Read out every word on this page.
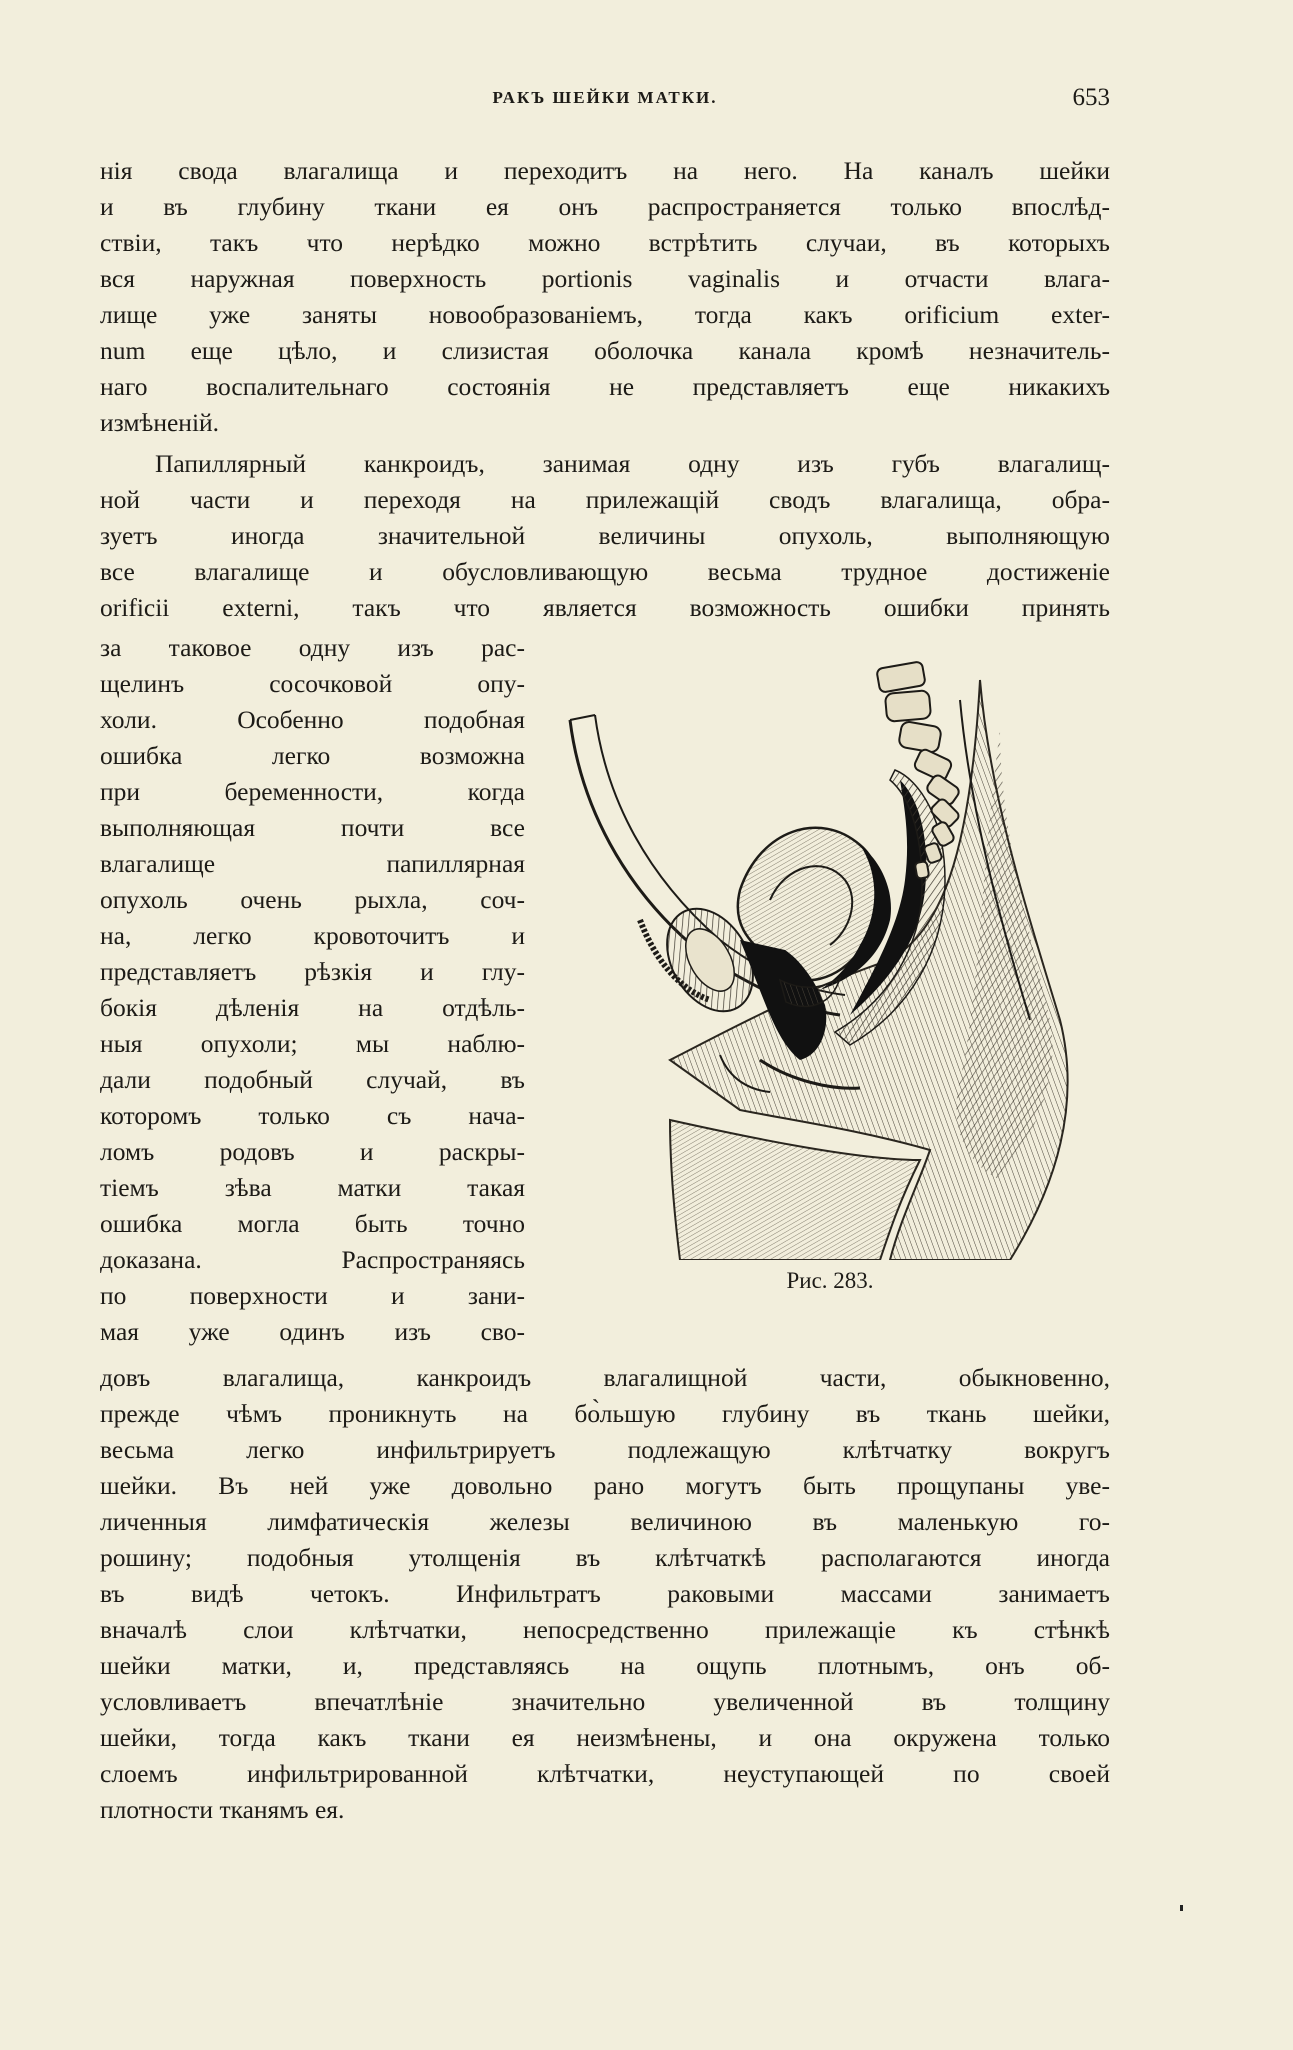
РАКЪ ШЕЙКИ МАТКИ.	653
нія свода влагалища и переходитъ на него. На каналъ шейки
и въ глубину ткани ея онъ распространяется только впослѣд-
ствіи, такъ что нерѣдко можно встрѣтить случаи, въ которыхъ
вся наружная поверхность portionis vaginalis и отчасти влага-
лище уже заняты новообразованіемъ, тогда какъ orificium exter-
num еще цѣло, и слизистая оболочка канала кромѣ незначитель-
наго воспалительнаго состоянія не представляетъ еще никакихъ
измѣненій.
Папиллярный канкроидъ, занимая одну изъ губъ влагалищ-
ной части и переходя на прилежащій сводъ влагалища, обра-
зуетъ иногда значительной величины опухоль, выполняющую
все влагалище и обусловливающую весьма трудное достиженіе
orificii externi, такъ что является возможность ошибки принять
за таковое одну изъ рас-
щелинъ сосочковой опу-
холи. Особенно подобная
ошибка легко возможна
при беременности, когда
выполняющая почти все
влагалище папиллярная
опухоль очень рыхла, соч-
на, легко кровоточитъ и
представляетъ рѣзкія и глу-
бокія дѣленія на отдѣль-
ныя опухоли; мы наблю-
дали подобный случай, въ
которомъ только съ нача-
ломъ родовъ и раскры-
тіемъ зѣва матки такая
ошибка могла быть точно
доказана. Распространяясь
по поверхности и зани-
мая уже одинъ изъ сво-
довъ влагалища, канкроидъ влагалищной части, обыкновенно,
прежде чѣмъ проникнуть на бо̀льшую глубину въ ткань шейки,
весьма легко инфильтрируетъ подлежащую клѣтчатку вокругъ
шейки. Въ ней уже довольно рано могутъ быть прощупаны уве-
личенныя лимфатическія железы величиною въ маленькую го-
рошину; подобныя утолщенія въ клѣтчаткѣ располагаются иногда
въ видѣ четокъ. Инфильтратъ раковыми массами занимаетъ
вначалѣ слои клѣтчатки, непосредственно прилежащіе къ стѣнкѣ
шейки матки, и, представляясь на ощупь плотнымъ, онъ об-
условливаетъ впечатлѣніе значительно увеличенной въ толщину
шейки, тогда какъ ткани ея неизмѣнены, и она окружена только
слоемъ инфильтрированной клѣтчатки, неуступающей по своей
плотности тканямъ ея.
Рис. 283.
